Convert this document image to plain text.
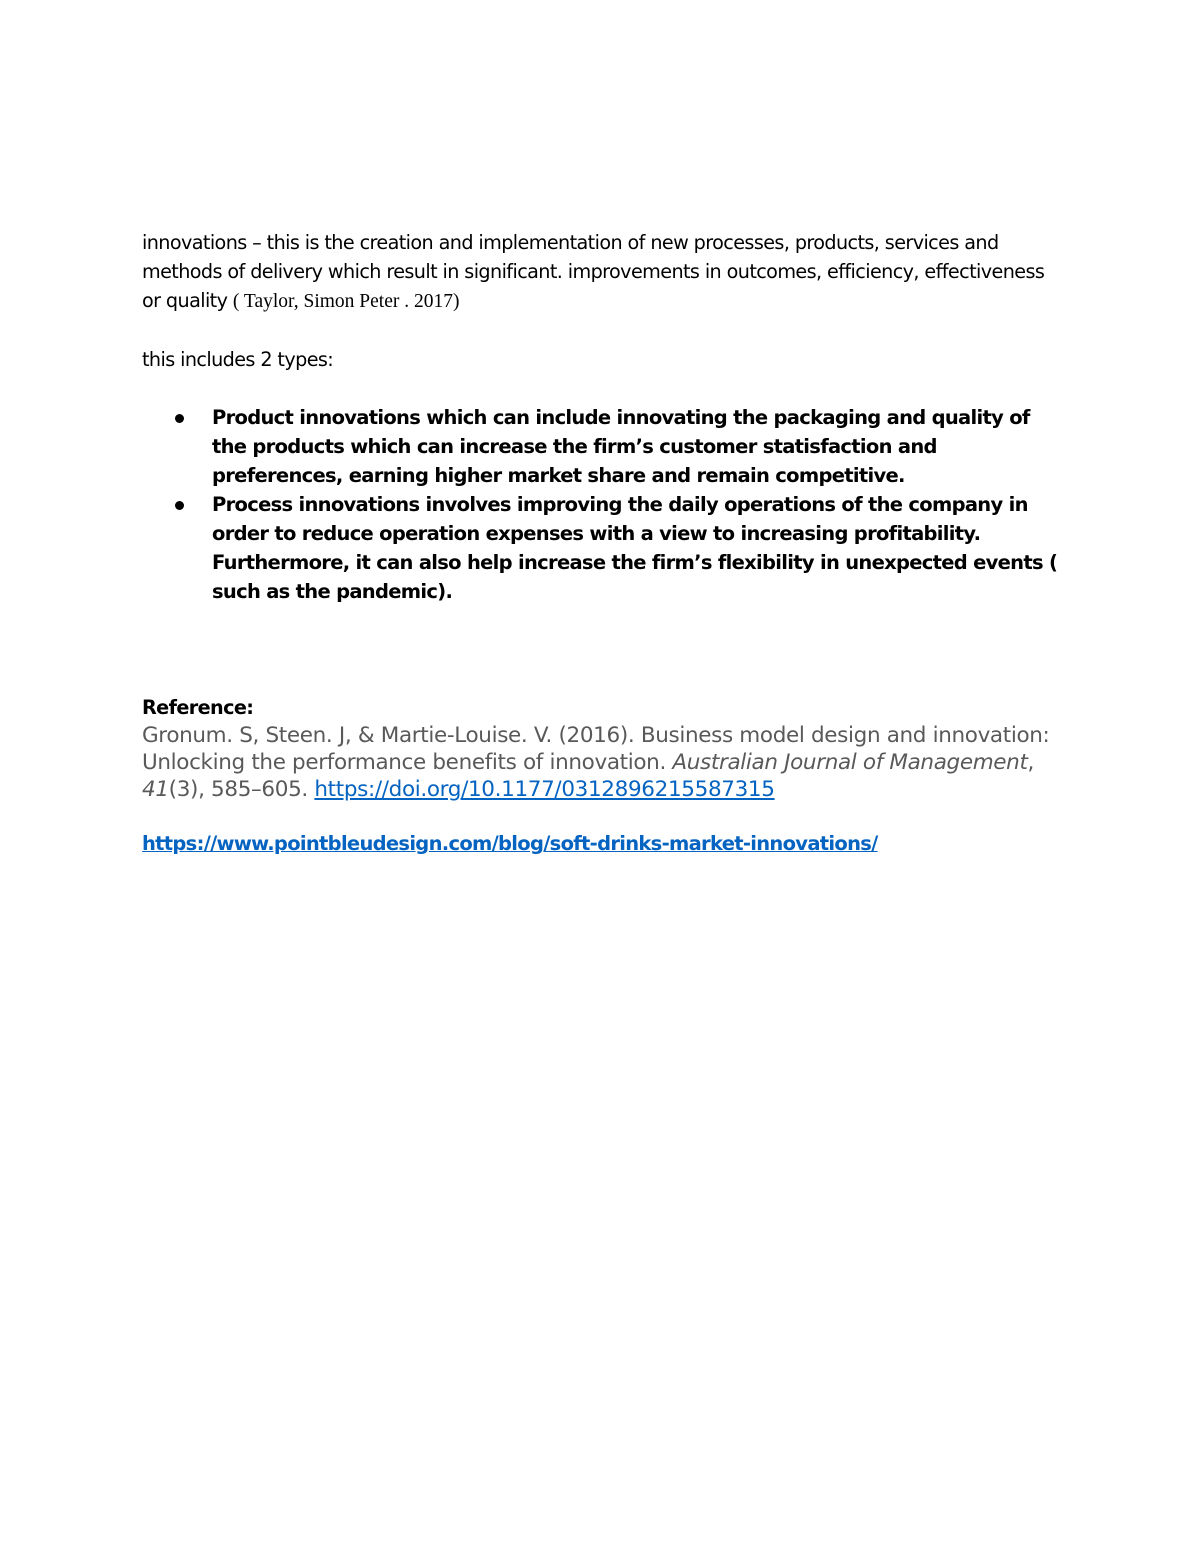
innovations – this is the creation and implementation of new processes, products, services and methods of delivery which result in significant. improvements in outcomes, efficiency, effectiveness or quality ( Taylor, Simon Peter . 2017)

this includes 2 types:

Product innovations which can include innovating the packaging and quality of the products which can increase the firm’s customer statisfaction and preferences, earning higher market share and remain competitive.
Process innovations involves improving the daily operations of the company in order to reduce operation expenses with a view to increasing profitability. Furthermore, it can also help increase the firm’s flexibility in unexpected events ( such as the pandemic).

Reference:

Gronum. S, Steen. J, & Martie-Louise. V. (2016). Business model design and innovation: Unlocking the performance benefits of innovation. Australian Journal of Management, 41(3), 585–605. https://doi.org/10.1177/0312896215587315

https://www.pointbleudesign.com/blog/soft-drinks-market-innovations/
